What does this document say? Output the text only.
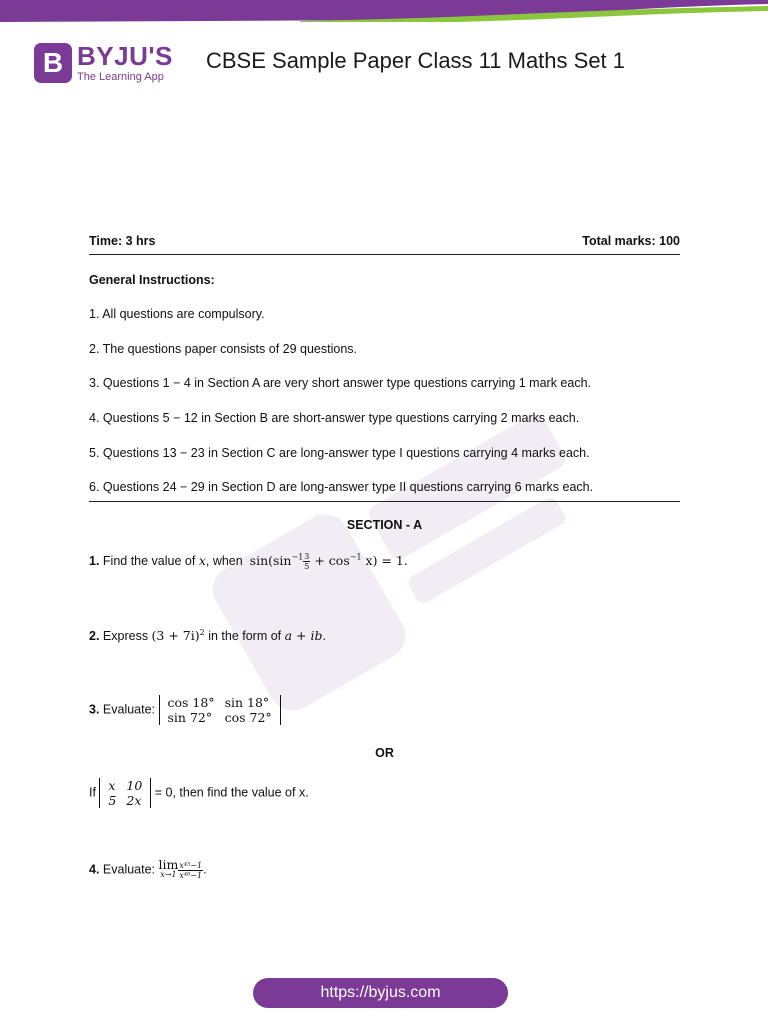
B BYJU'S
The Learning App
CBSE Sample Paper Class 11 Maths Set 1
Time: 3 hrs	Total marks: 100
General Instructions:
1. All questions are compulsory.
2. The questions paper consists of 29 questions.
3. Questions 1 − 4 in Section A are very short answer type questions carrying 1 mark each.
4. Questions 5 − 12 in Section B are short-answer type questions carrying 2 marks each.
5. Questions 13 − 23 in Section C are long-answer type I questions carrying 4 marks each.
6. Questions 24 − 29 in Section D are long-answer type II questions carrying 6 marks each.
SECTION - A
1. Find the value of x, when  $\sin(\sin^{-1} \frac{3}{5} + \cos^{-1} x) = 1$.
2. Express $(3 + 7i)^2$ in the form of a + ib.
3. Evaluate: cos 18°	sin 18°
sin 72°	cos 72°
OR
If x	10
5	2x
= 0, then find the value of x.
4. Evaluate: lim
$x\to 1 \frac{\text{x⁴⁵−1}}{\text{x⁴⁰−1}}$ .
https://byjus.com
